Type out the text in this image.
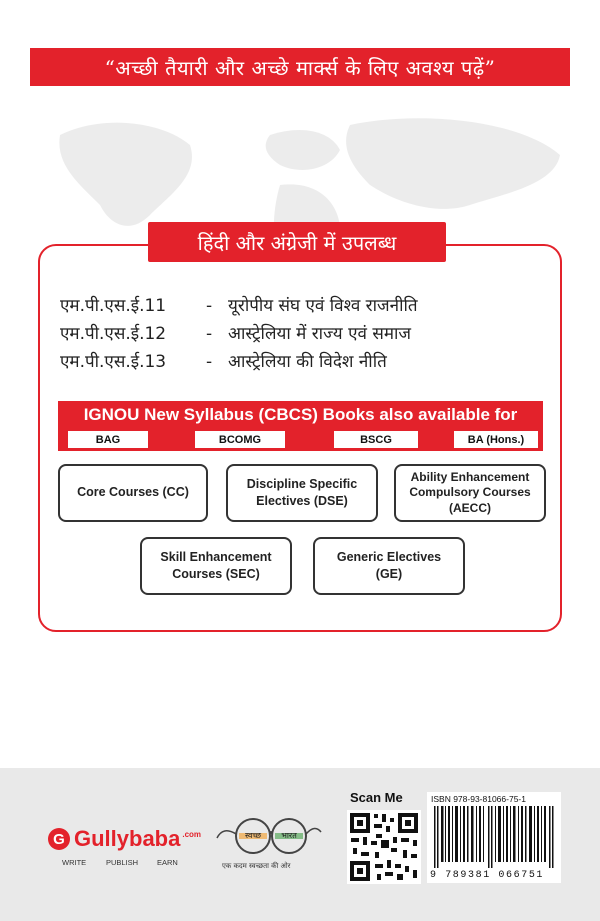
“अच्छी तैयारी और अच्छे मार्क्स के लिए अवश्य पढ़ें”
हिंदी और अंग्रेजी में उपलब्ध
एम.पी.एस.ई.11 - यूरोपीय संघ एवं विश्व राजनीति
एम.पी.एस.ई.12 - आस्ट्रेलिया में राज्य एवं समाज
एम.पी.एस.ई.13 - आस्ट्रेलिया की विदेश नीति
IGNOU New Syllabus (CBCS) Books also available for
BAG	BCOMG	BSCG	BA (Hons.)
Core Courses (CC)
Discipline Specific
Electives (DSE)
Ability Enhancement
Compulsory Courses
(AECC)
Skill Enhancement
Courses (SEC)
Generic Electives
(GE)
G Gullybaba .com
WRITE	PUBLISH	EARN
स्वच्छ	भारत
एक कदम स्वच्छता की ओर
Scan Me	ISBN 978-93-81066-75-1
9 789381 066751
